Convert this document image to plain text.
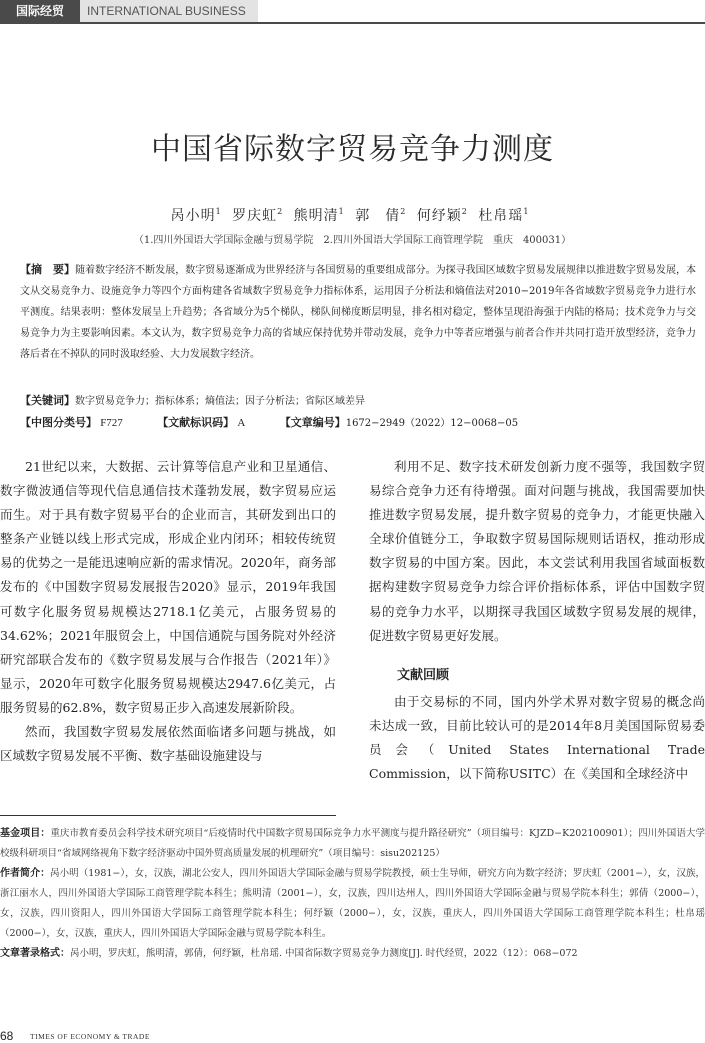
国际经贸	INTERNATIONAL BUSINESS
中国省际数字贸易竞争力测度
呙小明$^1$ 罗庆虹$^2$ 熊明清$^1$ 郭　倩$^2$ 何纾颖$^2$ 杜帛瑶$^1$
（1.四川外国语大学国际金融与贸易学院　2.四川外国语大学国际工商管理学院　重庆　400031）
【摘　要】随着数字经济不断发展，数字贸易逐渐成为世界经济与各国贸易的重要组成部分。为探寻我国区域数字贸易发展规律以推进数字贸易发展，本文从交易竞争力、设施竞争力等四个方面构建各省域数字贸易竞争力指标体系，运用因子分析法和熵值法对2010−2019年各省域数字贸易竞争力进行水平测度。结果表明：整体发展呈上升趋势；各省域分为5个梯队，梯队间梯度断层明显，排名相对稳定，整体呈现沿海强于内陆的格局；技术竞争力与交易竞争力为主要影响因素。本文认为，数字贸易竞争力高的省域应保持优势并带动发展，竞争力中等者应增强与前者合作并共同打造开放型经济，竞争力落后者在不掉队的同时汲取经验、大力发展数字经济。
【关键词】数字贸易竞争力；指标体系；熵值法；因子分析法；省际区域差异
【中图分类号】 F727	【文献标识码】 A	【文章编号】1672−2949（2022）12−0068−05

21世纪以来，大数据、云计算等信息产业和卫星通信、数字微波通信等现代信息通信技术蓬勃发展，数字贸易应运而生。对于具有数字贸易平台的企业而言，其研发到出口的整条产业链以线上形式完成，形成企业内闭环；相较传统贸易的优势之一是能迅速响应新的需求情况。2020年，商务部发布的《中国数字贸易发展报告2020》显示，2019年我国可数字化服务贸易规模达2718.1亿美元，占服务贸易的34.62%；2021年服贸会上，中国信通院与国务院对外经济研究部联合发布的《数字贸易发展与合作报告（2021年）》显示，2020年可数字化服务贸易规模达2947.6亿美元，占服务贸易的62.8%，数字贸易正步入高速发展新阶段。

然而，我国数字贸易发展依然面临诸多问题与挑战，如区域数字贸易发展不平衡、数字基础设施建设与

利用不足、数字技术研发创新力度不强等，我国数字贸易综合竞争力还有待增强。面对问题与挑战，我国需要加快推进数字贸易发展，提升数字贸易的竞争力，才能更快融入全球价值链分工，争取数字贸易国际规则话语权，推动形成数字贸易的中国方案。因此，本文尝试利用我国省域面板数据构建数字贸易竞争力综合评价指标体系，评估中国数字贸易的竞争力水平，以期探寻我国区域数字贸易发展的规律，促进数字贸易更好发展。

文献回顾

由于交易标的不同，国内外学术界对数字贸易的概念尚未达成一致，目前比较认可的是2014年8月美国国际贸易委员会（United States International Trade Commission，以下简称USITC）在《美国和全球经济中

基金项目：重庆市教育委员会科学技术研究项目“后疫情时代中国数字贸易国际竞争力水平测度与提升路径研究”（项目编号：KJZD−K202100901）；四川外国语大学校级科研项目“省域网络视角下数字经济驱动中国外贸高质量发展的机理研究”（项目编号：sisu202125）

作者简介：呙小明（1981−），女，汉族，湖北公安人，四川外国语大学国际金融与贸易学院教授，硕士生导师，研究方向为数字经济；罗庆虹（2001−），女，汉族，浙江丽水人，四川外国语大学国际工商管理学院本科生；熊明清（2001−），女，汉族，四川达州人，四川外国语大学国际金融与贸易学院本科生；郭倩（2000−），女，汉族，四川资阳人，四川外国语大学国际工商管理学院本科生；何纾颖（2000−），女，汉族，重庆人，四川外国语大学国际工商管理学院本科生；杜帛瑶（2000−），女，汉族，重庆人，四川外国语大学国际金融与贸易学院本科生。

文章著录格式：呙小明，罗庆虹，熊明清，郭倩，何纾颖，杜帛瑶. 中国省际数字贸易竞争力测度[J]. 时代经贸，2022（12）：068−072

68 TIMES OF ECONOMY & TRADE
